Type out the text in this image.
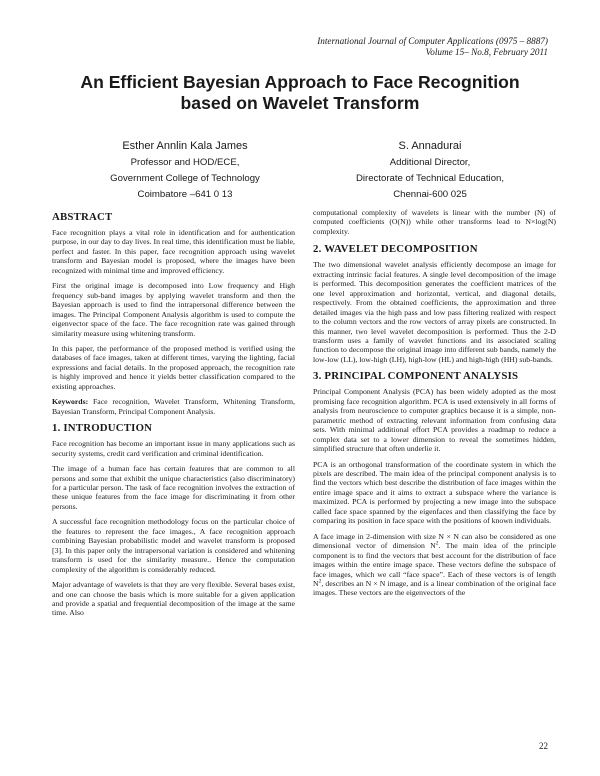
International Journal of Computer Applications (0975 – 8887)
Volume 15– No.8, February 2011
An Efficient Bayesian Approach to Face Recognition
based on Wavelet Transform
Esther Annlin Kala James
Professor and HOD/ECE,
Government College of Technology
Coimbatore –641 0 13
S. Annadurai
Additional Director,
Directorate of Technical Education,
Chennai-600 025
ABSTRACT

Face recognition plays a vital role in identification and for authentication purpose, in our day to day lives. In real time, this identification must be liable, perfect and faster. In this paper, face recognition approach using wavelet transform and Bayesian model is proposed, where the images have been recognized with minimal time and improved efficiency.

First the original image is decomposed into Low frequency and High frequency sub-band images by applying wavelet transform and then the Bayesian approach is used to find the intrapersonal difference between the images. The Principal Component Analysis algorithm is used to compute the eigenvector space of the face. The face recognition rate was gained through similarity measure using whitening transform.

In this paper, the performance of the proposed method is verified using the databases of face images, taken at different times, varying the lighting, facial expressions and facial details. In the proposed approach, the recognition rate is highly improved and hence it yields better classification compared to the existing approaches.

Keywords: Face recognition, Wavelet Transform, Whitening Transform, Bayesian Transform, Principal Component Analysis.

1. INTRODUCTION

Face recognition has become an important issue in many applications such as security systems, credit card verification and criminal identification.

The image of a human face has certain features that are common to all persons and some that exhibit the unique characteristics (also discriminatory) for a particular person. The task of face recognition involves the extraction of these unique features from the face image for discriminating it from other persons.

A successful face recognition methodology focus on the particular choice of the features to represent the face images., A face recognition approach combining Bayesian probabilistic model and wavelet transform is proposed [3]. In this paper only the intrapersonal variation is considered and whitening transform is used for the similarity measure.. Hence the computation complexity of the algorithm is considerably reduced.

Major advantage of wavelets is that they are very flexible. Several bases exist, and one can choose the basis which is more suitable for a given application and provide a spatial and frequential decomposition of the image at the same time. Also

computational complexity of wavelets is linear with the number (N) of computed coefficients (O(N)) while other transforms lead to N×log(N) complexity.

2. WAVELET DECOMPOSITION

The two dimensional wavelet analysis efficiently decompose an image for extracting intrinsic facial features. A single level decomposition of the image is performed. This decomposition generates the coefficient matrices of the one level approximation and horizontal, vertical, and diagonal details, respectively. From the obtained coefficients, the approximation and three detailed images via the high pass and low pass filtering realized with respect to the column vectors and the row vectors of array pixels are constructed. In this manner, two level wavelet decomposition is performed. Thus the 2-D transform uses a family of wavelet functions and its associated scaling function to decompose the original image into different sub bands, namely the low-low (LL), low-high (LH), high-low (HL) and high-high (HH) sub-bands.

3. PRINCIPAL COMPONENT ANALYSIS

Principal Component Analysis (PCA) has been widely adopted as the most promising face recognition algorithm. PCA is used extensively in all forms of analysis from neuroscience to computer graphics because it is a simple, non-parametric method of extracting relevant information from confusing data sets. With minimal additional effort PCA provides a roadmap to reduce a complex data set to a lower dimension to reveal the sometimes hidden, simplified structure that often underlie it.

PCA is an orthogonal transformation of the coordinate system in which the pixels are described. The main idea of the principal component analysis is to find the vectors which best describe the distribution of face images within the entire image space and it aims to extract a subspace where the variance is maximized. PCA is performed by projecting a new image into the subspace called face space spanned by the eigenfaces and then classifying the face by comparing its position in face space with the positions of known individuals.

A face image in 2-dimension with size N × N can also be considered as one dimensional vector of dimension $N^2$. The main idea of the principle component is to find the vectors that best account for the distribution of face images within the entire image space. These vectors define the subspace of face images, which we call “face space”. Each of these vectors is of length $N^2$, describes an N × N image, and is a linear combination of the original face images. These vectors are the eigenvectors of the

22
